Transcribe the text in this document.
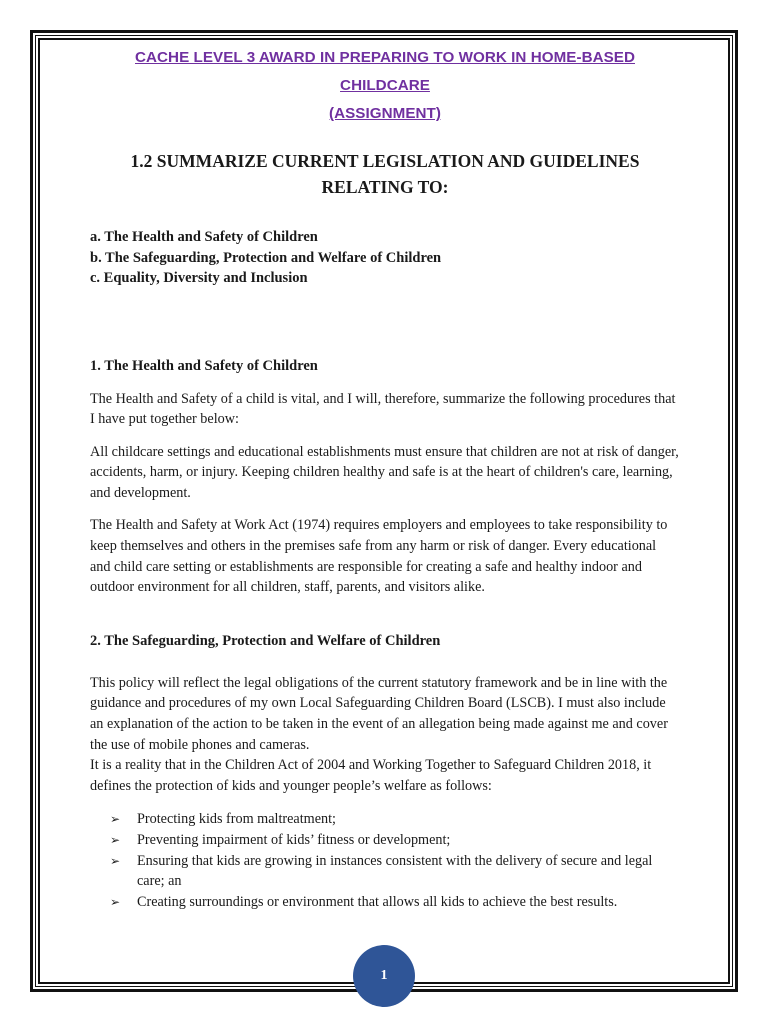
CACHE LEVEL 3 AWARD IN PREPARING TO WORK IN HOME-BASED CHILDCARE
(ASSIGNMENT)
1.2 SUMMARIZE CURRENT LEGISLATION AND GUIDELINES
RELATING TO:
a. The Health and Safety of Children
b. The Safeguarding, Protection and Welfare of Children
c. Equality, Diversity and Inclusion
1. The Health and Safety of Children

The Health and Safety of a child is vital, and I will, therefore, summarize the following procedures that I have put together below:

All childcare settings and educational establishments must ensure that children are not at risk of danger, accidents, harm, or injury. Keeping children healthy and safe is at the heart of children's care, learning, and development.

The Health and Safety at Work Act (1974) requires employers and employees to take responsibility to keep themselves and others in the premises safe from any harm or risk of danger. Every educational and child care setting or establishments are responsible for creating a safe and healthy indoor and outdoor environment for all children, staff, parents, and visitors alike.

2. The Safeguarding, Protection and Welfare of Children

This policy will reflect the legal obligations of the current statutory framework and be in line with the guidance and procedures of my own Local Safeguarding Children Board (LSCB). I must also include an explanation of the action to be taken in the event of an allegation being made against me and cover the use of mobile phones and cameras.

It is a reality that in the Children Act of 2004 and Working Together to Safeguard Children 2018, it defines the protection of kids and younger people’s welfare as follows:

➢ Protecting kids from maltreatment;
➢ Preventing impairment of kids’ fitness or development;
➢ Ensuring that kids are growing in instances consistent with the delivery of secure and legal care; an
➢ Creating surroundings or environment that allows all kids to achieve the best results.
1
